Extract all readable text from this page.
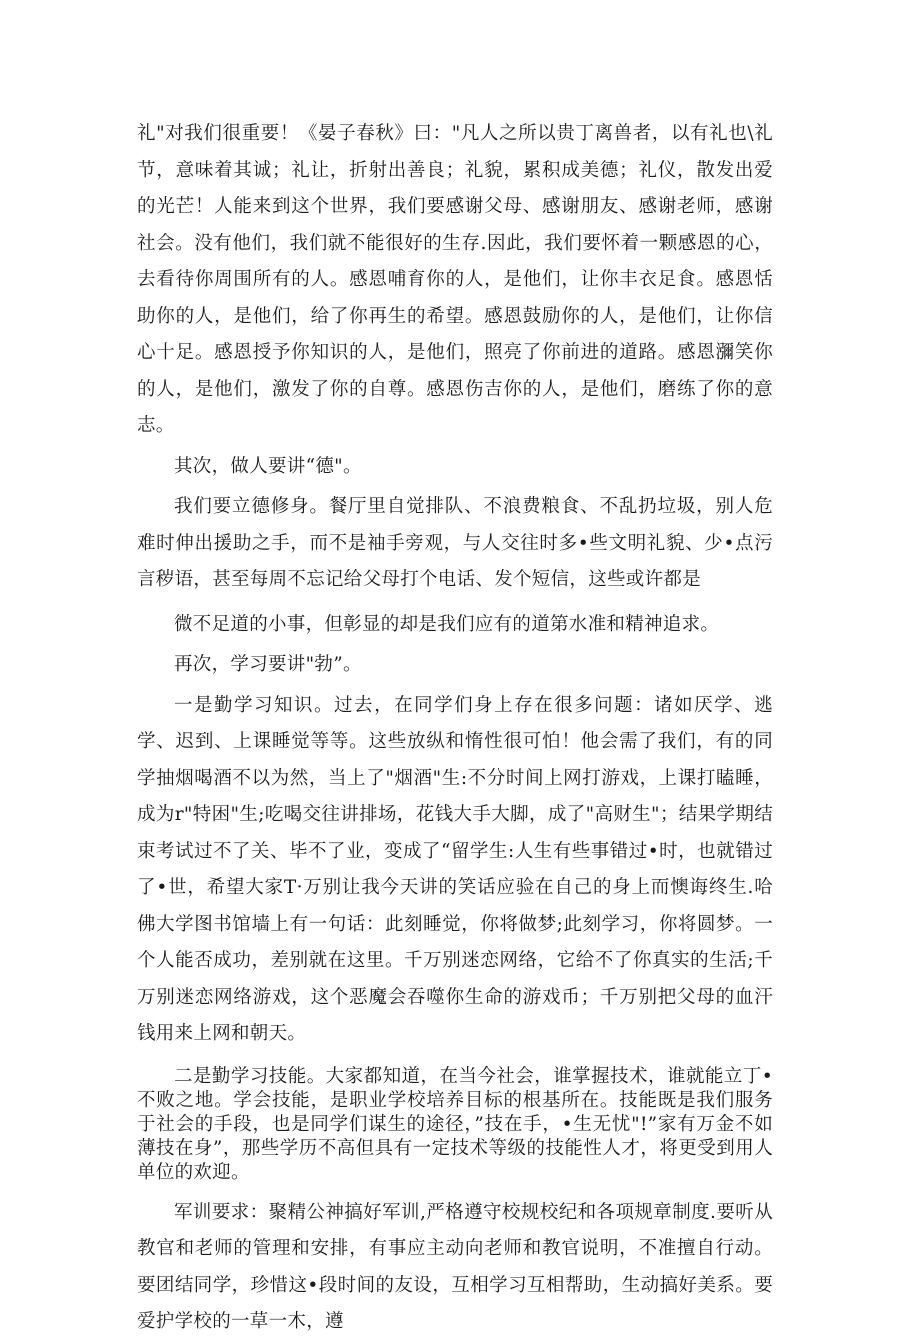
礼"对我们很重要！《晏子春秋》曰："凡人之所以贵丁离兽者，以有礼也\礼节，意味着其诚；礼让，折射出善良；礼貌，累积成美德；礼仪，散发出爱的光芒！人能来到这个世界，我们要感谢父母、感谢朋友、感谢老师，感谢社会。没有他们，我们就不能很好的生存.因此，我们要怀着一颗感恩的心，去看待你周围所有的人。感恩哺育你的人，是他们，让你丰衣足食。感恩恬助你的人，是他们，给了你再生的希望。感恩鼓励你的人，是他们，让你信心十足。感恩授予你知识的人，是他们，照亮了你前进的道路。感恩瀰笑你的人，是他们，激发了你的自尊。感恩伤吉你的人，是他们，磨练了你的意志。

其次，做人要讲“德"。

我们要立德修身。餐厅里自觉排队、不浪费粮食、不乱扔垃圾，别人危难时伸出援助之手，而不是袖手旁观，与人交往时多•些文明礼貌、少•点污言秽语，甚至每周不忘记给父母打个电话、发个短信，这些或许都是

微不足道的小事，但彰显的却是我们应有的道第水准和精神追求。

再次，学习要讲"勃”。

一是勤学习知识。过去，在同学们身上存在很多问题：诸如厌学、逃学、迟到、上课睡觉等等。这些放纵和惰性很可怕！他会需了我们，有的同学抽烟喝酒不以为然，当上了"烟酒"生:不分时间上网打游戏，上课打瞌睡，成为r"特困"生;吃喝交往讲排场，花钱大手大脚，成了"高财生"；结果学期结束考试过不了关、毕不了业，变成了“留学生:人生有些事错过•时，也就错过了•世，希望大家T·万别让我今天讲的笑话应验在自己的身上而懊诲终生.哈佛大学图书馆墙上有一句话：此刻睡觉，你将做梦;此刻学习，你将圆梦。一个人能否成功，差别就在这里。千万别迷恋网络，它给不了你真实的生活;千万别迷恋网络游戏，这个恶魔会吞噬你生命的游戏币；千万别把父母的血汗钱用来上网和朝天。

二是勤学习技能。大家都知道，在当今社会，谁掌握技术，谁就能立丁•不败之地。学会技能，是职业学校培养目标的根基所在。技能既是我们服务于社会的手段，也是同学们谋生的途径，”技在手，•生无忧"!”家有万金不如薄技在身”，那些学历不高但具有一定技术等级的技能性人才，将更受到用人单位的欢迎。

军训要求：聚精公神搞好军训,严格遵守校规校纪和各项规章制度.要听从教官和老师的管理和安排，有事应主动向老师和教官说明，不准擅自行动。要团结同学，珍惜这•段时间的友设，互相学习互相帮助，生动搞好美系。要爱护学校的一草一木，遵
